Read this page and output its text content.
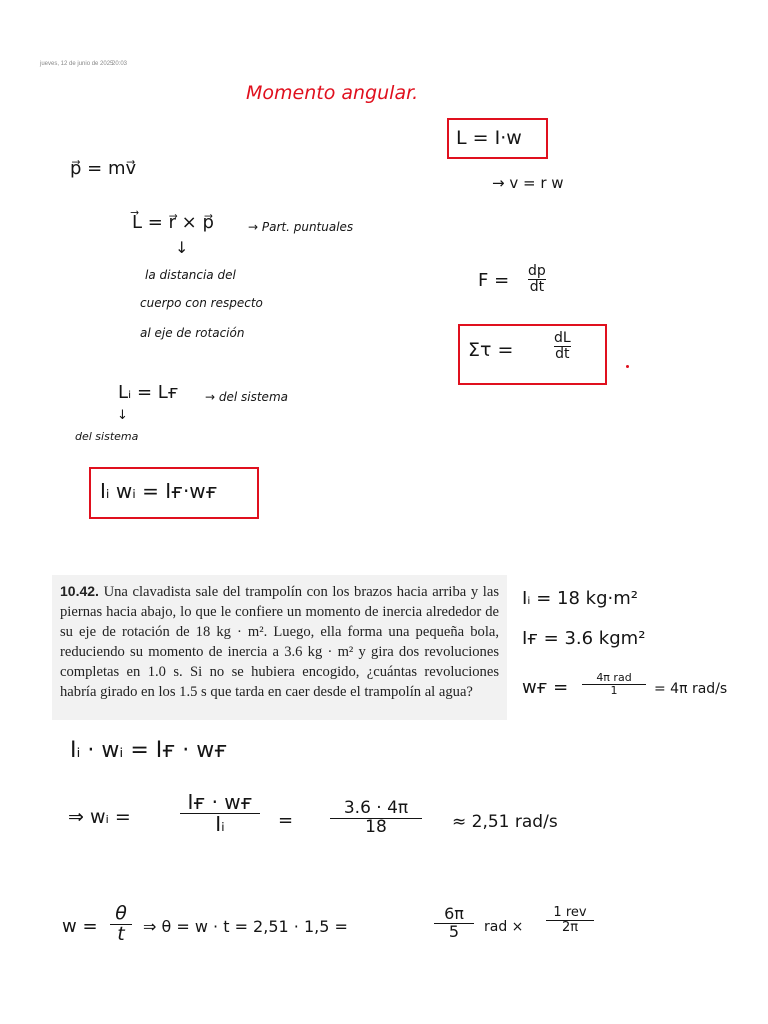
jueves, 12 de junio de 2025
20:03
Momento angular.
p⃗ = mv⃗
L⃗ = r⃗ × p⃗	→ Part. puntuales
↓
la distancia del
cuerpo con respecto
al eje de rotación
Lᵢ = Lғ → del sistema
↓
del sistema
Iᵢ wᵢ = Iғ·wғ
L = I·w
→ v = r w
F = dp
dt
Στ =
dL
dt
10.42. Una clavadista sale del trampolín con los brazos hacia arriba y las piernas hacia abajo, lo que le confiere un momento de inercia alrededor de su eje de rotación de 18 kg · m². Luego, ella forma una pequeña bola, reduciendo su momento de inercia a 3.6 kg · m² y gira dos revoluciones completas en 1.0 s. Si no se hubiera encogido, ¿cuántas revoluciones habría girado en los 1.5 s que tarda en caer desde el trampolín al agua?
Iᵢ = 18 kg·m²
Iғ = 3.6 kgm²
wғ =	4π rad
1	= 4π rad/s
Iᵢ · wᵢ = Iғ · wғ
⇒ wᵢ =
Iғ · wғ
Iᵢ	=
3.6 · 4π
18	≈ 2,51 rad/s
w =
θ
t ⇒ θ = w · t = 2,51 · 1,5 =
6π
5 rad ×
1 rev
2π
